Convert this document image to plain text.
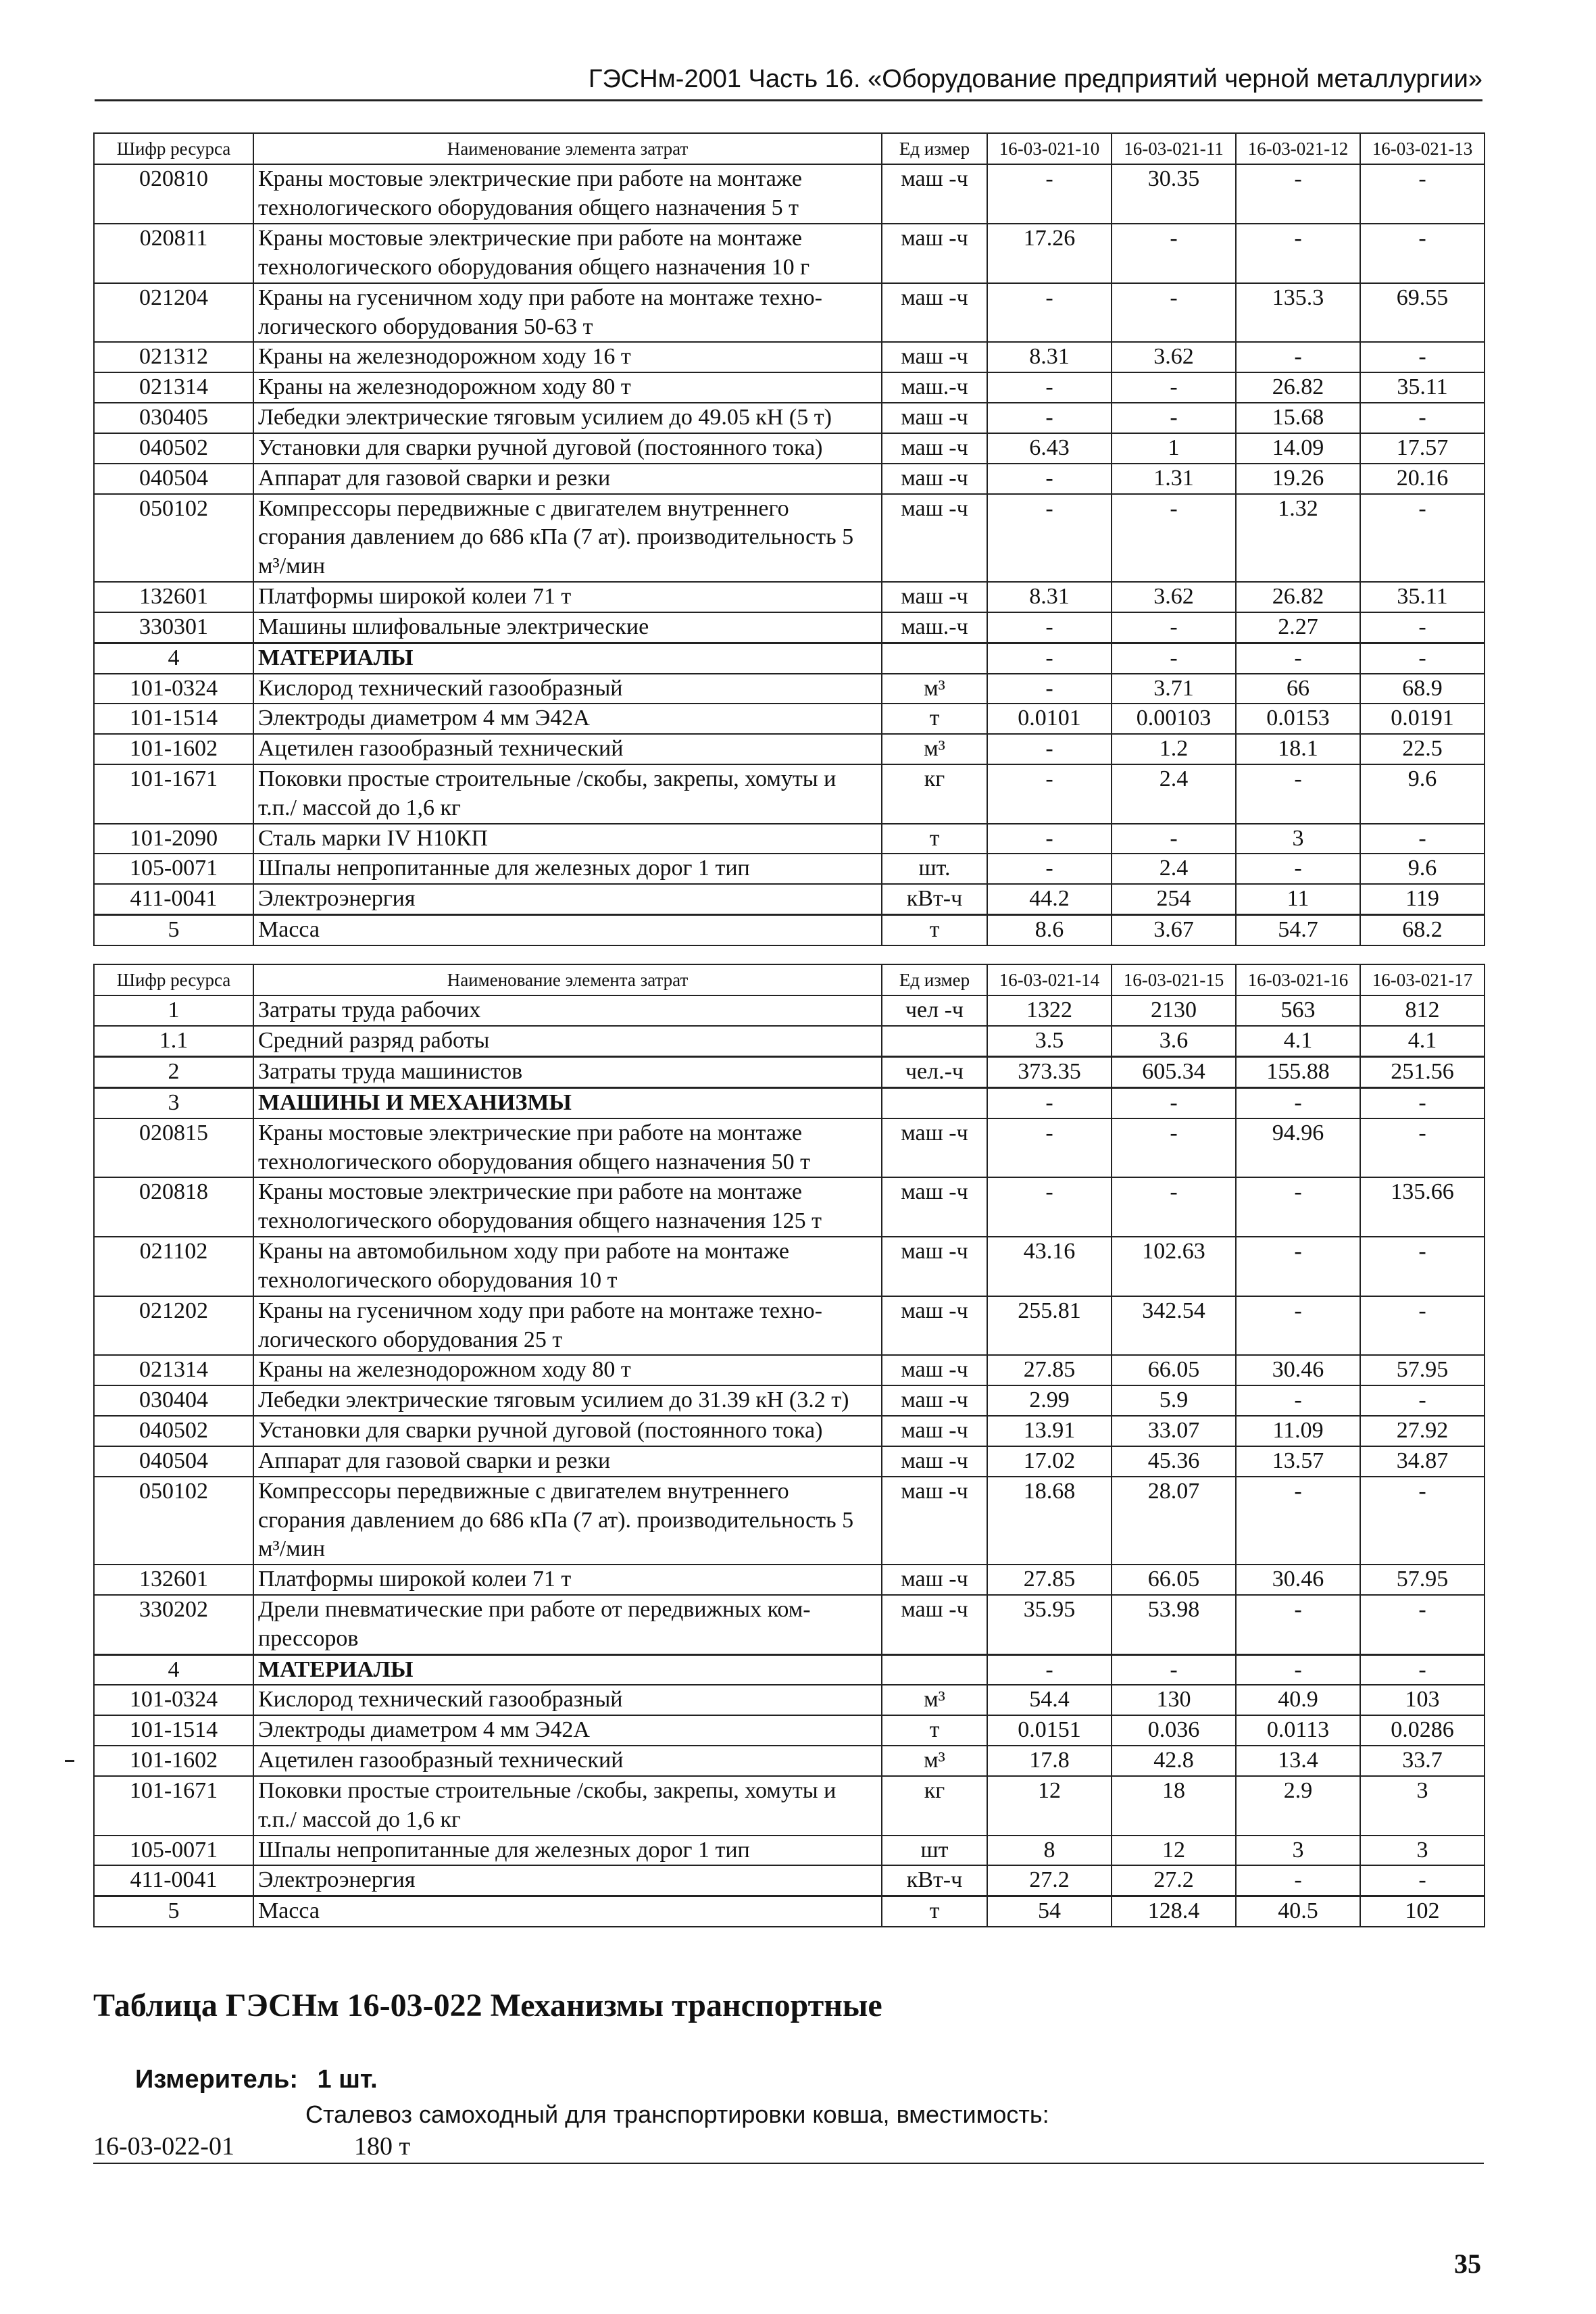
ГЭСНм-2001 Часть 16. «Оборудование предприятий черной металлургии»
Шифр ресурса	Наименование элемента затрат	Ед измер	16-03-021-10	16-03-021-11	16-03-021-12	16-03-021-13
020810	Краны мостовые электрические при работе на монтаже технологического оборудования общего назначения 5 т	маш -ч	-	30.35	-	-
020811	Краны мостовые электрические при работе на монтаже технологического оборудования общего назначения 10 г	маш -ч	17.26	-	-	-
021204	Краны на гусеничном ходу при работе на монтаже техно-логического оборудования 50-63 т	маш -ч	-	-	135.3	69.55
021312	Краны на железнодорожном ходу 16 т	маш -ч	8.31	3.62	-	-
021314	Краны на железнодорожном ходу 80 т	маш.-ч	-	-	26.82	35.11
030405	Лебедки электрические тяговым усилием до 49.05 кН (5 т)	маш -ч	-	-	15.68	-
040502	Установки для сварки ручной дуговой (постоянного тока)	маш -ч	6.43	1	14.09	17.57
040504	Аппарат для газовой сварки и резки	маш -ч	-	1.31	19.26	20.16
050102	Компрессоры передвижные с двигателем внутреннего сгорания давлением до 686 кПа (7 ат). производительность 5 м³/мин	маш -ч	-	-	1.32	-
132601	Платформы широкой колеи 71 т	маш -ч	8.31	3.62	26.82	35.11
330301	Машины шлифовальные электрические	маш.-ч	-	-	2.27	-
4	МАТЕРИАЛЫ		-	-	-	-
101-0324	Кислород технический газообразный	м³	-	3.71	66	68.9
101-1514	Электроды диаметром 4 мм Э42А	т	0.0101	0.00103	0.0153	0.0191
101-1602	Ацетилен газообразный технический	м³	-	1.2	18.1	22.5
101-1671	Поковки простые строительные /скобы, закрепы, хомуты и т.п./ массой до 1,6 кг	кг	-	2.4	-	9.6
101-2090	Сталь марки IV Н10КП	т	-	-	3	-
105-0071	Шпалы непропитанные для железных дорог 1 тип	шт.	-	2.4	-	9.6
411-0041	Электроэнергия	кВт-ч	44.2	254	11	119
5	Масса	т	8.6	3.67	54.7	68.2
Шифр ресурса	Наименование элемента затрат	Ед измер	16-03-021-14	16-03-021-15	16-03-021-16	16-03-021-17
1	Затраты труда рабочих	чел -ч	1322	2130	563	812
1.1	Средний разряд работы		3.5	3.6	4.1	4.1
2	Затраты труда машинистов	чел.-ч	373.35	605.34	155.88	251.56
3	МАШИНЫ И МЕХАНИЗМЫ		-	-	-	-
020815	Краны мостовые электрические при работе на монтаже технологического оборудования общего назначения 50 т	маш -ч	-	-	94.96	-
020818	Краны мостовые электрические при работе на монтаже технологического оборудования общего назначения 125 т	маш -ч	-	-	-	135.66
021102	Краны на автомобильном ходу при работе на монтаже технологического оборудования 10 т	маш -ч	43.16	102.63	-	-
021202	Краны на гусеничном ходу при работе на монтаже техно-логического оборудования 25 т	маш -ч	255.81	342.54	-	-
021314	Краны на железнодорожном ходу 80 т	маш -ч	27.85	66.05	30.46	57.95
030404	Лебедки электрические тяговым усилием до 31.39 кН (3.2 т)	маш -ч	2.99	5.9	-	-
040502	Установки для сварки ручной дуговой (постоянного тока)	маш -ч	13.91	33.07	11.09	27.92
040504	Аппарат для газовой сварки и резки	маш -ч	17.02	45.36	13.57	34.87
050102	Компрессоры передвижные с двигателем внутреннего сгорания давлением до 686 кПа (7 ат). производительность 5 м³/мин	маш -ч	18.68	28.07	-	-
132601	Платформы широкой колеи 71 т	маш -ч	27.85	66.05	30.46	57.95
330202	Дрели пневматические при работе от передвижных ком-прессоров	маш -ч	35.95	53.98	-	-
4	МАТЕРИАЛЫ		-	-	-	-
101-0324	Кислород технический газообразный	м³	54.4	130	40.9	103
101-1514	Электроды диаметром 4 мм Э42А	т	0.0151	0.036	0.0113	0.0286
101-1602	Ацетилен газообразный технический	м³	17.8	42.8	13.4	33.7
101-1671	Поковки простые строительные /скобы, закрепы, хомуты и т.п./ массой до 1,6 кг	кг	12	18	2.9	3
105-0071	Шпалы непропитанные для железных дорог 1 тип	шт	8	12	3	3
411-0041	Электроэнергия	кВт-ч	27.2	27.2	-	-
5	Масса	т	54	128.4	40.5	102
Таблица ГЭСНм 16-03-022 Механизмы транспортные
Измеритель: 1 шт.
Сталевоз самоходный для транспортировки ковша, вместимость:
16-03-022-01	180 т
35
